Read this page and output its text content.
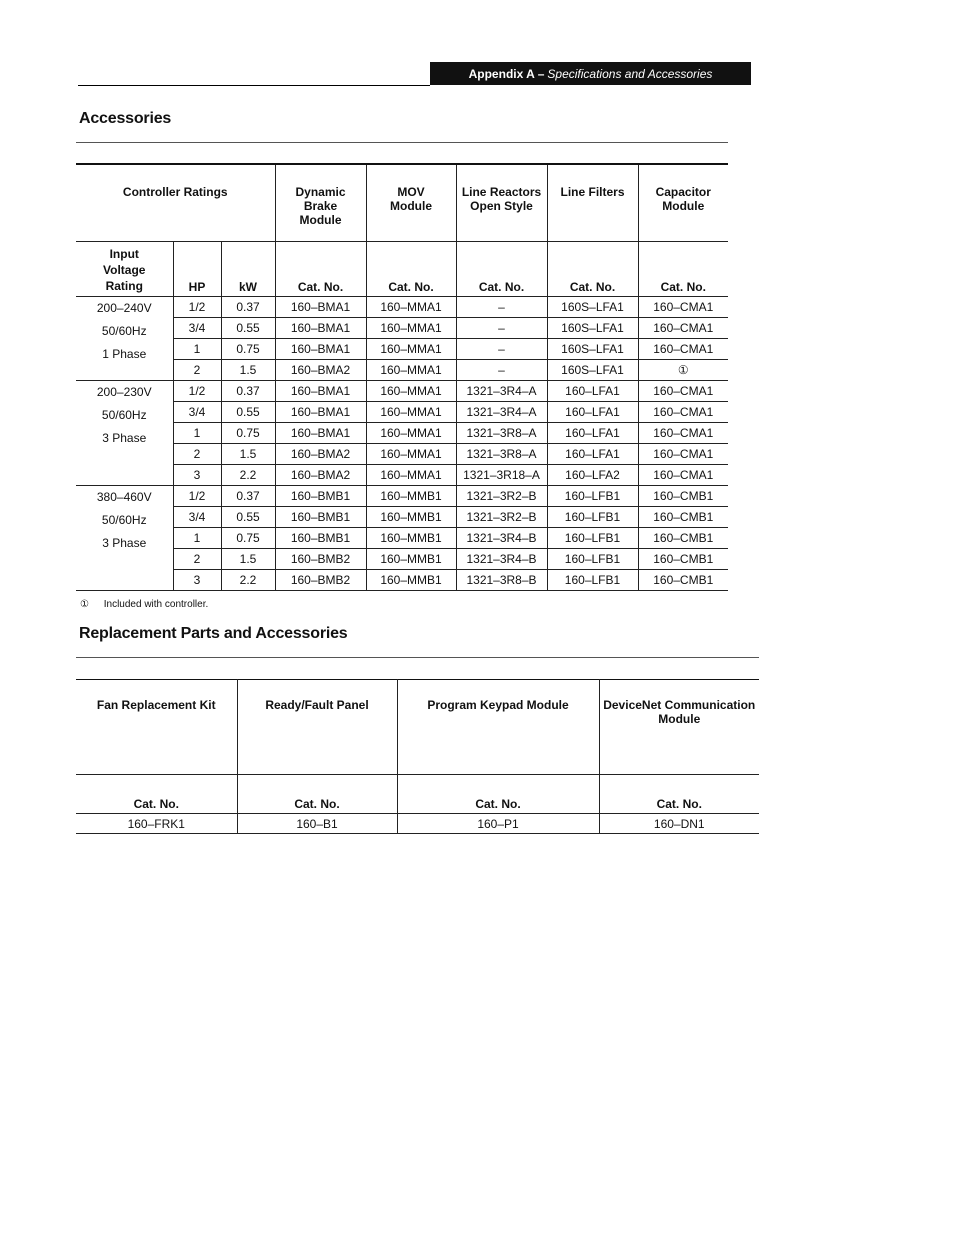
Appendix A – Specifications and Accessories
Accessories
Controller Ratings			Dynamic Brake Module	MOV Module	Line Reactors Open Style	Line Filters	Capacitor Module
Input Voltage Rating	HP	kW	Cat. No.	Cat. No.	Cat. No.	Cat. No.	Cat. No.

200–240V
50/60Hz
1 Phase	1/2	0.37	160–BMA1	160–MMA1	–	160S–LFA1	160–CMA1
	3/4	0.55	160–BMA1	160–MMA1	–	160S–LFA1	160–CMA1
	1	0.75	160–BMA1	160–MMA1	–	160S–LFA1	160–CMA1
	2	1.5	160–BMA2	160–MMA1	–	160S–LFA1	①

200–230V
50/60Hz
3 Phase	1/2	0.37	160–BMA1	160–MMA1	1321–3R4–A	160–LFA1	160–CMA1
	3/4	0.55	160–BMA1	160–MMA1	1321–3R4–A	160–LFA1	160–CMA1
	1	0.75	160–BMA1	160–MMA1	1321–3R8–A	160–LFA1	160–CMA1
	2	1.5	160–BMA2	160–MMA1	1321–3R8–A	160–LFA1	160–CMA1
	3	2.2	160–BMA2	160–MMA1	1321–3R18–A	160–LFA2	160–CMA1

380–460V
50/60Hz
3 Phase	1/2	0.37	160–BMB1	160–MMB1	1321–3R2–B	160–LFB1	160–CMB1
	3/4	0.55	160–BMB1	160–MMB1	1321–3R2–B	160–LFB1	160–CMB1
	1	0.75	160–BMB1	160–MMB1	1321–3R4–B	160–LFB1	160–CMB1
	2	1.5	160–BMB2	160–MMB1	1321–3R4–B	160–LFB1	160–CMB1
	3	2.2	160–BMB2	160–MMB1	1321–3R8–B	160–LFB1	160–CMB1
① Included with controller.
Replacement Parts and Accessories
Fan Replacement Kit	Ready/Fault Panel	Program Keypad Module	DeviceNet Communication Module
Cat. No.	Cat. No.	Cat. No.	Cat. No.
160–FRK1	160–B1	160–P1	160–DN1
